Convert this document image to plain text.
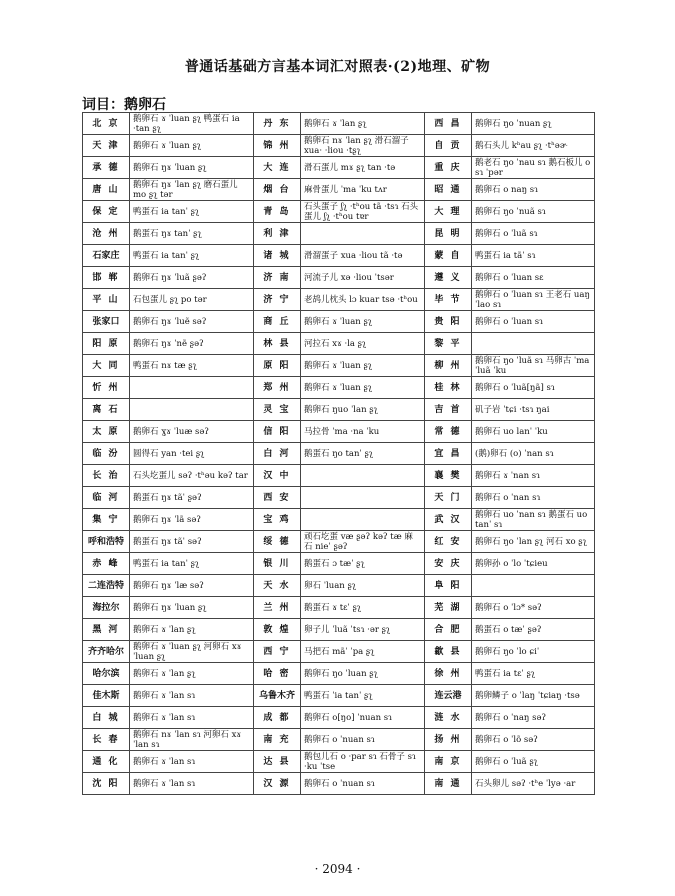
普通话基础方言基本词汇对照表·(2)地理、矿物
词目：鹅卵石
北 京	鹅卵石 ɤ ˈluan ʂʅ 鸭蛋石 ia ·tan ʂʅ	丹 东	鹅卵石 ɤ ˈlan ʂʅ	西 昌	鹅卵石 ŋo ˈnuan ʂʅ
天 津	鹅卵石 ɤ ˈluan ʂʅ	锦 州	鹅卵石 nɤ ˈlan ʂʅ 滑石溜子 xua· ·liou ·tʂʅ	自 贡	鹅石头儿 kʰau ʂʅ ·tʰəɚ
承 德	鹅卵石 ŋɤ ˈluan ʂʅ	大 连	滑石蛋儿 mɤ ʂʅ tan ·tə	重 庆	鹅老石 ŋo ˈnau sɿ 鹅石板儿 o sɿ ˈpər
唐 山	鹅卵石 ŋɤ ˈlan ʂʅ 磨石蛋儿 mo ʂʅ tər	烟 台	麻骨蛋儿 ˈma ˈku tʌr	昭 通	鹅卵石 o naŋ sɿ
保 定	鸭蛋石 ia tanˈ ʂʅ	青 岛	石头蛋子 ʃʅ ·tʰou tã ·tsɿ 石头蛋儿 ʃʅ ·tʰou tɐr	大 理	鹅卵石 ŋo ˈnuã sɿ
沧 州	鹅蛋石 ŋɤ tanˈ ʂʅ	利 津		昆 明	鹅卵石 o ˈluã sɿ
石家庄	鸭蛋石 ia tanˈ ʂʅ	诸 城	滑溜蛋子 xua ·liou tã ·tə	蒙 自	鸭蛋石 ia tãˈ sɿ
邯 郸	鹅卵石 ŋɤ ˈluã ʂəʔ	济 南	河流子儿 xə ·liou ˈtsər	遵 义	鹅卵石 o ˈluan sɛ
平 山	石包蛋儿 ʂʅ po tər	济 宁	老鸪儿枕头 lɔ kuar tsə ·tʰou	毕 节	鹅卵石 o ˈluan sɿ 王老石 uaŋ ˈlao sɿ
张家口	鹅卵石 ŋɤ ˈluẽ səʔ	商 丘	鹅卵石 ɤ ˈluan ʂʅ	贵 阳	鹅卵石 o ˈluan sɿ
阳 原	鹅卵石 ŋɤ ˈnẽ ʂəʔ	林 县	河拉石 xɤ ·la ʂʅ	黎 平	
大 同	鸭蛋石 nɤ tæ ʂʅ	原 阳	鹅卵石 ɤ ˈluan ʂʅ	柳 州	鹅卵石 ŋo ˈluã sɿ 马卵古 ˈma ˈluã ˈku
忻 州		郑 州	鹅卵石 ɤ ˈluan ʂʅ	桂 林	鹅卵石 o ˈluã[ŋã] sɿ
离 石		灵 宝	鹅卵石 ŋuo ˈlan ʂʅ	吉 首	矶子岩 ˈtɕi ·tsɿ ŋai
太 原	鹅卵石 ɣɤ ˈluæ səʔ	信 阳	马拉骨 ˈma ·na ˈku	常 德	鹅卵石 uo lanˈ ˈku
临 汾	圆得石 yan ·tei ʂʅ	白 河	鹅蛋石 ŋo tanˈ ʂʅ	宜 昌	(鹅)卵石 (o) ˈnan sɿ
长 治	石头圪蛋儿 səʔ ·tʰəu kəʔ tar	汉 中		襄 樊	鹅卵石 ɤ ˈnan sɿ
临 河	鹅蛋石 ŋɤ tãˈ ʂəʔ	西 安		天 门	鹅卵石 o ˈnan sɿ
集 宁	鹅卵石 ŋɤ ˈlã səʔ	宝 鸡		武 汉	鹅卵石 uo ˈnan sɿ 鹅蛋石 uo tanˈ sɿ
呼和浩特	鹅蛋石 ŋɤ tãˈ səʔ	绥 德	顽石圪蛋 væ ʂəʔ kəʔ tæ 麻石 nieˈ ʂəʔ	红 安	鹅卵石 ŋo ˈlan ʂʅ 河石 xo ʂʅ
赤 峰	鸭蛋石 ia tanˈ ʂʅ	银 川	鹅蛋石 ɔ tæˈ ʂʅ	安 庆	鹅卵孙 o ˈlo ˈtɕieu
二连浩特	鹅卵石 ŋɤ ˈlæ səʔ	天 水	卵石 ˈluan ʂʅ	阜 阳	
海拉尔	鹅卵石 ŋɤ ˈluan ʂʅ	兰 州	鹅蛋石 ɤ tɛˈ ʂʅ	芜 湖	鹅卵石 o ˈlɔ* səʔ
黑 河	鹅卵石 ɤ ˈlan ʂʅ	敦 煌	卵子儿 ˈluã ˈtsɿ ·ər ʂʅ	合 肥	鹅蛋石 o tæˈ ʂəʔ
齐齐哈尔	鹅卵石 ɤ ˈluan ʂʅ 河卵石 xɤ ˈluan ʂʅ	西 宁	马把石 mãˈ ˈpa ʂʅ	歙 县	鹅卵石 ŋo ˈlo ɕiˈ
哈尔滨	鹅卵石 ɤ ˈlan ʂʅ	哈 密	鹅卵石 ŋo ˈluan ʂʅ	徐 州	鸭蛋石 ia tɛˈ ʂʅ
佳木斯	鹅卵石 ɤ ˈlan sɿ	乌鲁木齐	鸭蛋石 ˈia tanˈ ʂʅ	连云港	鹅卵鳞子 o ˈlaŋ ˈtɕiaŋ ·tsə
白 城	鹅卵石 ɤ ˈlan sɿ	成 都	鹅卵石 o[ŋo] ˈnuan sɿ	涟 水	鹅卵石 o ˈnaŋ səʔ
长 春	鹅卵石 nɤ ˈlan sɿ 河卵石 xɤ ˈlan sɿ	南 充	鹅卵石 o ˈnuan sɿ	扬 州	鹅卵石 o ˈlõ səʔ
通 化	鹅卵石 ɤ ˈlan sɿ	达 县	鹅包儿石 o ·par sɿ 石骨子 sɿ ·ku ˈtse	南 京	鹅卵石 o ˈluã ʂʅ
沈 阳	鹅卵石 ɤ ˈlan sɿ	汉 源	鹅卵石 o ˈnuan sɿ	南 通	石头卵儿 səʔ ·tʰe ˈlyə ·ar
· 2094 ·
